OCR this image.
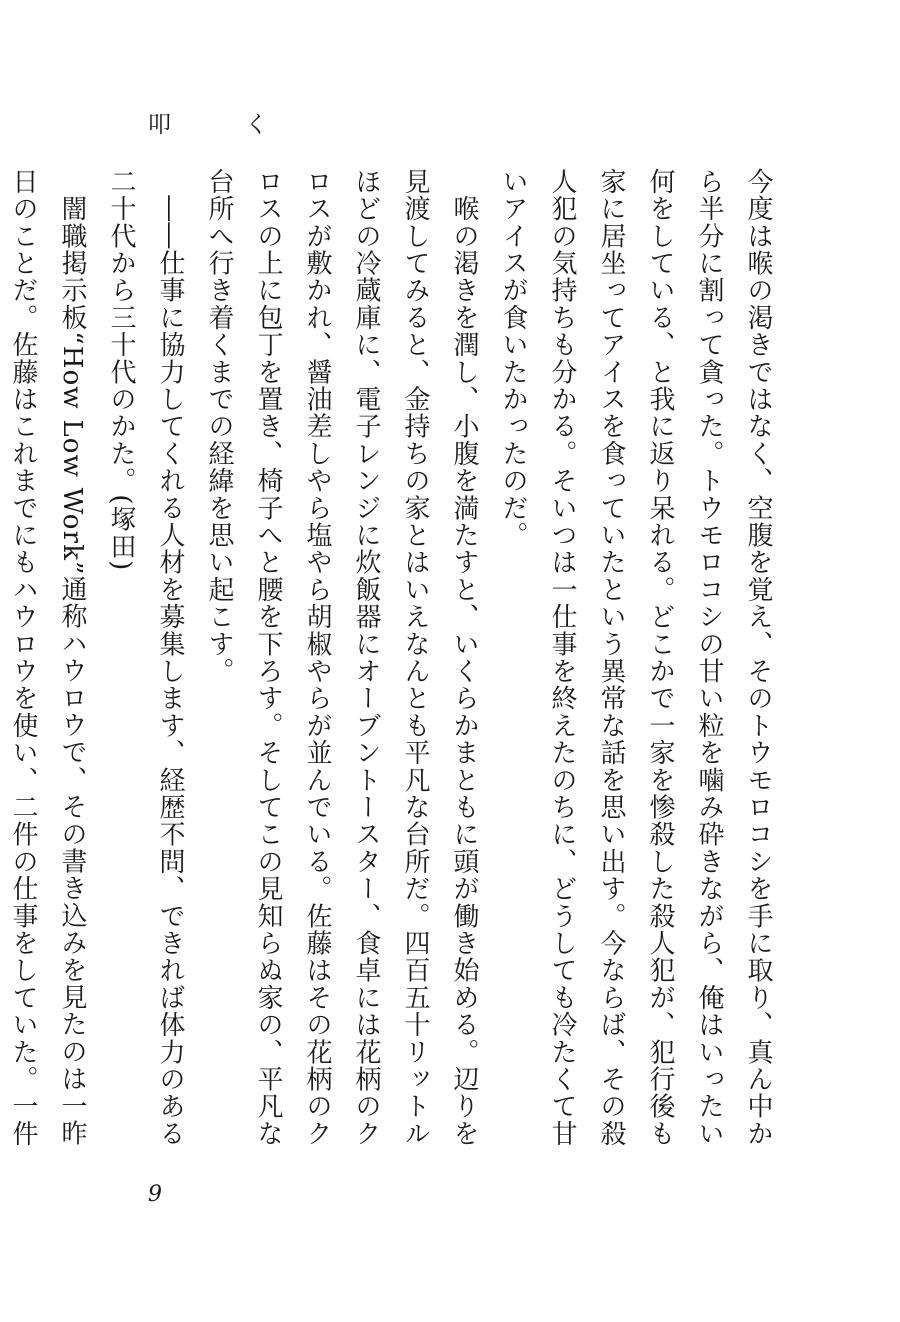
叩	く

今度は喉の渇きではなく、空腹を覚え、そのトウモロコシを手に取り、真ん中から半分に割って貪った。トウモロコシの甘い粒を噛み砕きながら、俺はいったい何をしている、と我に返り呆れる。どこかで一家を惨殺した殺人犯が、犯行後も家に居坐ってアイスを食っていたという異常な話を思い出す。今ならば、その殺人犯の気持ちも分かる。そいつは一仕事を終えたのちに、どうしても冷たくて甘いアイスが食いたかったのだ。

　喉の渇きを潤し、小腹を満たすと、いくらかまともに頭が働き始める。辺りを見渡してみると、金持ちの家とはいえなんとも平凡な台所だ。四百五十リットルほどの冷蔵庫に、電子レンジに炊飯器にオーブントースター、食卓には花柄のクロスが敷かれ、醤油差しやら塩やら胡椒やらが並んでいる。佐藤はその花柄のクロスの上に包丁を置き、椅子へと腰を下ろす。そしてこの見知らぬ家の、平凡な台所へ行き着くまでの経緯を思い起こす。

　――仕事に協力してくれる人材を募集します、経歴不問、できれば体力のある二十代から三十代のかた。(塚田)

　闇職掲示板“How Low Work”通称ハウロウで、その書き込みを見たのは一昨日のことだ。佐藤はこれまでにもハウロウを使い、二件の仕事をしていた。一件

9
